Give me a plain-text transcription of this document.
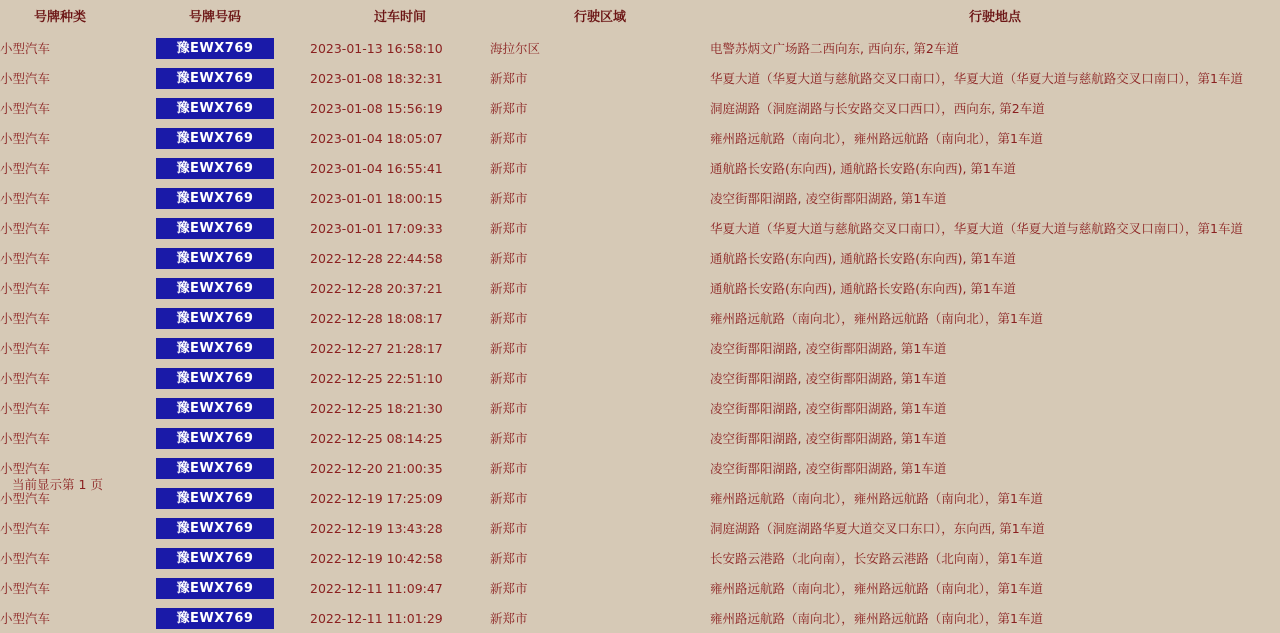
号牌种类	号牌号码	过车时间	行驶区域	行驶地点
小型汽车	豫EWX769	2023-01-13 16:58:10	海拉尔区	电警苏炳文广场路二西向东, 西向东, 第2车道
小型汽车	豫EWX769	2023-01-08 18:32:31	新郑市	华夏大道（华夏大道与慈航路交叉口南口），华夏大道（华夏大道与慈航路交叉口南口），第1车道
小型汽车	豫EWX769	2023-01-08 15:56:19	新郑市	洞庭湖路（洞庭湖路与长安路交叉口西口），西向东, 第2车道
小型汽车	豫EWX769	2023-01-04 18:05:07	新郑市	雍州路远航路（南向北），雍州路远航路（南向北），第1车道
小型汽车	豫EWX769	2023-01-04 16:55:41	新郑市	通航路长安路(东向西), 通航路长安路(东向西), 第1车道
小型汽车	豫EWX769	2023-01-01 18:00:15	新郑市	凌空街鄑阳湖路, 凌空街鄑阳湖路, 第1车道
小型汽车	豫EWX769	2023-01-01 17:09:33	新郑市	华夏大道（华夏大道与慈航路交叉口南口），华夏大道（华夏大道与慈航路交叉口南口），第1车道
小型汽车	豫EWX769	2022-12-28 22:44:58	新郑市	通航路长安路(东向西), 通航路长安路(东向西), 第1车道
小型汽车	豫EWX769	2022-12-28 20:37:21	新郑市	通航路长安路(东向西), 通航路长安路(东向西), 第1车道
小型汽车	豫EWX769	2022-12-28 18:08:17	新郑市	雍州路远航路（南向北），雍州路远航路（南向北），第1车道
小型汽车	豫EWX769	2022-12-27 21:28:17	新郑市	凌空街鄑阳湖路, 凌空街鄑阳湖路, 第1车道
小型汽车	豫EWX769	2022-12-25 22:51:10	新郑市	凌空街鄑阳湖路, 凌空街鄑阳湖路, 第1车道
小型汽车	豫EWX769	2022-12-25 18:21:30	新郑市	凌空街鄑阳湖路, 凌空街鄑阳湖路, 第1车道
小型汽车	豫EWX769	2022-12-25 08:14:25	新郑市	凌空街鄑阳湖路, 凌空街鄑阳湖路, 第1车道
小型汽车	豫EWX769	2022-12-20 21:00:35	新郑市	凌空街鄑阳湖路, 凌空街鄑阳湖路, 第1车道
小型汽车	豫EWX769	2022-12-19 17:25:09	新郑市	雍州路远航路（南向北），雍州路远航路（南向北），第1车道
小型汽车	豫EWX769	2022-12-19 13:43:28	新郑市	洞庭湖路（洞庭湖路华夏大道交叉口东口），东向西, 第1车道
小型汽车	豫EWX769	2022-12-19 10:42:58	新郑市	长安路云港路（北向南），长安路云港路（北向南），第1车道
小型汽车	豫EWX769	2022-12-11 11:09:47	新郑市	雍州路远航路（南向北），雍州路远航路（南向北），第1车道
小型汽车	豫EWX769	2022-12-11 11:01:29	新郑市	雍州路远航路（南向北），雍州路远航路（南向北），第1车道
当前显示第 1 页
